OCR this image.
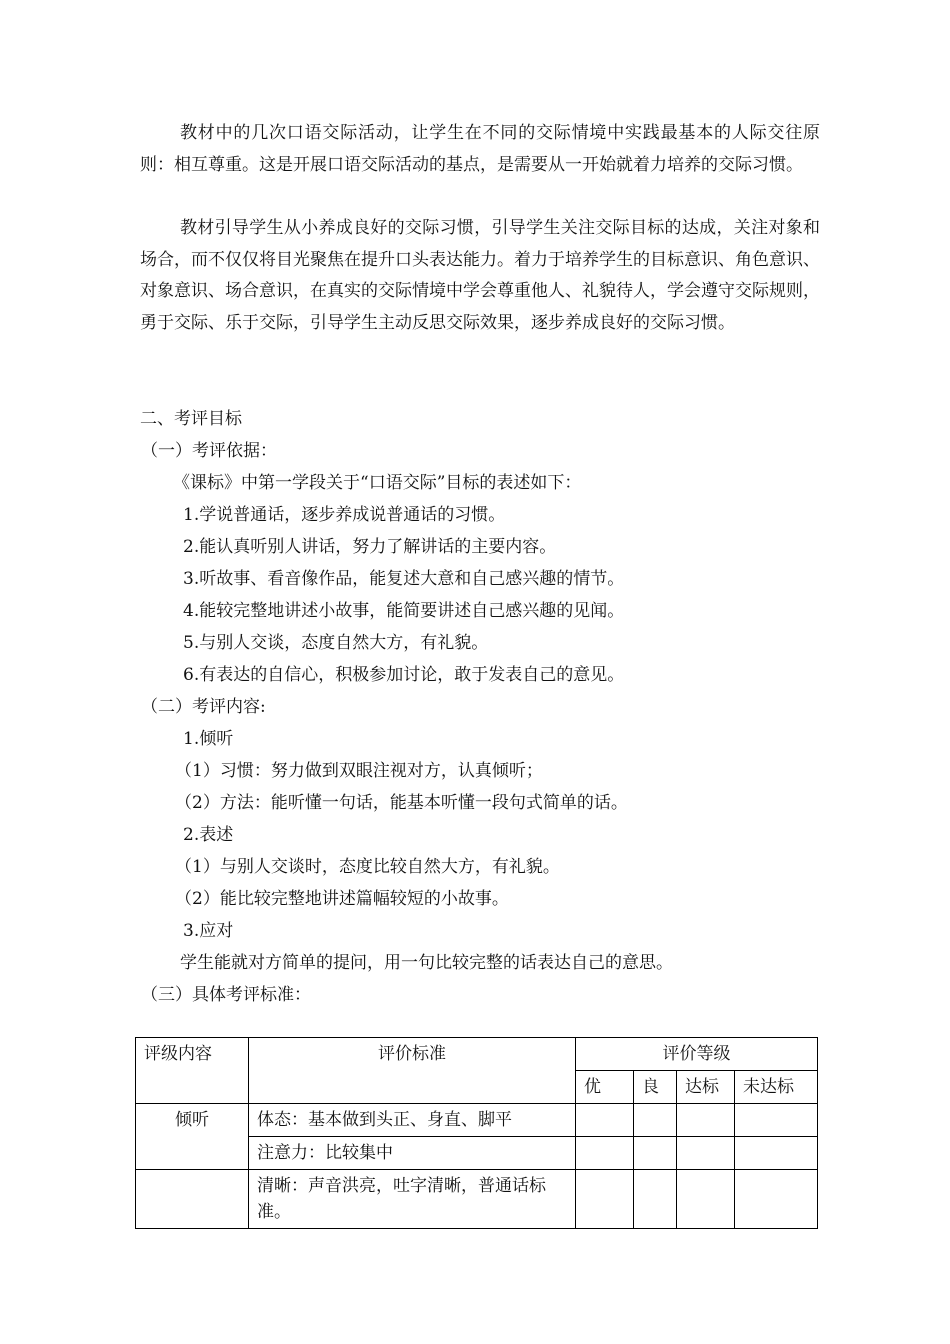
教材中的几次口语交际活动，让学生在不同的交际情境中实践最基本的人际交往原则：相互尊重。这是开展口语交际活动的基点，是需要从一开始就着力培养的交际习惯。

教材引导学生从小养成良好的交际习惯，引导学生关注交际目标的达成，关注对象和场合，而不仅仅将目光聚焦在提升口头表达能力。着力于培养学生的目标意识、角色意识、对象意识、场合意识，在真实的交际情境中学会尊重他人、礼貌待人，学会遵守交际规则，勇于交际、乐于交际，引导学生主动反思交际效果，逐步养成良好的交际习惯。

二、考评目标
（一）考评依据：
《课标》中第一学段关于“口语交际”目标的表述如下：
1.学说普通话，逐步养成说普通话的习惯。
2.能认真听别人讲话，努力了解讲话的主要内容。
3.听故事、看音像作品，能复述大意和自己感兴趣的情节。
4.能较完整地讲述小故事，能简要讲述自己感兴趣的见闻。
5.与别人交谈，态度自然大方，有礼貌。
6.有表达的自信心，积极参加讨论，敢于发表自己的意见。
（二）考评内容:
1.倾听
（1）习惯：努力做到双眼注视对方，认真倾听；
（2）方法：能听懂一句话，能基本听懂一段句式简单的话。
2.表述
（1）与别人交谈时，态度比较自然大方，有礼貌。
（2）能比较完整地讲述篇幅较短的小故事。
3.应对
学生能就对方简单的提问，用一句比较完整的话表达自己的意思。
（三）具体考评标准：
评级内容	评价标准	评价等级			
		优	良	达标	未达标
倾听	体态：基本做到头正、身直、脚平				
	注意力：比较集中				
	清晰：声音洪亮，吐字清晰，普通话标准。				
